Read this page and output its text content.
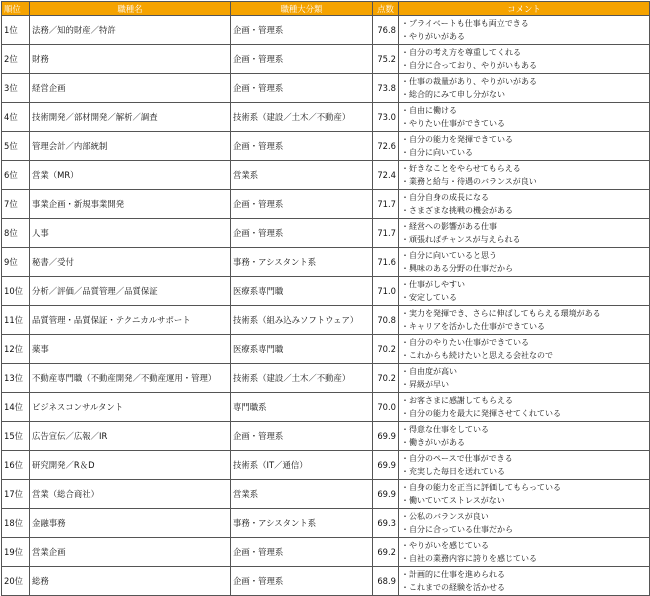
順位	職種名	職種大分類	点数	コメント
1位	法務／知的財産／特許	企画・管理系	76.8	・プライベートも仕事も両立できる
・やりがいがある

2位	財務	企画・管理系	75.2	・自分の考え方を尊重してくれる
・自分に合っており、やりがいもある

3位	経営企画	企画・管理系	73.8	・仕事の裁量があり、やりがいがある
・総合的にみて申し分がない

4位	技術開発／部材開発／解析／調査	技術系（建設／土木／不動産）	73.0	・自由に働ける
・やりたい仕事ができている

5位	管理会計／内部統制	企画・管理系	72.6	・自分の能力を発揮できている
・自分に向いている

6位	営業（MR）	営業系	72.4	・好きなことをやらせてもらえる
・業務と給与・待遇のバランスが良い

7位	事業企画・新規事業開発	企画・管理系	71.7	・自分自身の成長になる
・さまざまな挑戦の機会がある

8位	人事	企画・管理系	71.7	・経営への影響がある仕事
・頑張ればチャンスが与えられる

9位	秘書／受付	事務・アシスタント系	71.6	・自分に向いていると思う
・興味のある分野の仕事だから

10位	分析／評価／品質管理／品質保証	医療系専門職	71.0	・仕事がしやすい
・安定している

11位	品質管理・品質保証・テクニカルサポート	技術系（組み込みソフトウェア）	70.8	・実力を発揮でき、さらに伸ばしてもらえる環境がある
・キャリアを活かした仕事ができている

12位	薬事	医療系専門職	70.2	・自分のやりたい仕事ができている
・これからも続けたいと思える会社なので

13位	不動産専門職（不動産開発／不動産運用・管理）	技術系（建設／土木／不動産）	70.2	・自由度が高い
・昇級が早い

14位	ビジネスコンサルタント	専門職系	70.0	・お客さまに感謝してもらえる
・自分の能力を最大に発揮させてくれている

15位	広告宣伝／広報／IR	企画・管理系	69.9	・得意な仕事をしている
・働きがいがある

16位	研究開発／R＆D	技術系（IT／通信）	69.9	・自分のペースで仕事ができる
・充実した毎日を送れている

17位	営業（総合商社）	営業系	69.9	・自身の能力を正当に評価してもらっている
・働いていてストレスがない

18位	金融事務	事務・アシスタント系	69.3	・公私のバランスが良い
・自分に合っている仕事だから

19位	営業企画	企画・管理系	69.2	・やりがいを感じている
・自社の業務内容に誇りを感じている

20位	総務	企画・管理系	68.9	・計画的に仕事を進められる
・これまでの経験を活かせる
